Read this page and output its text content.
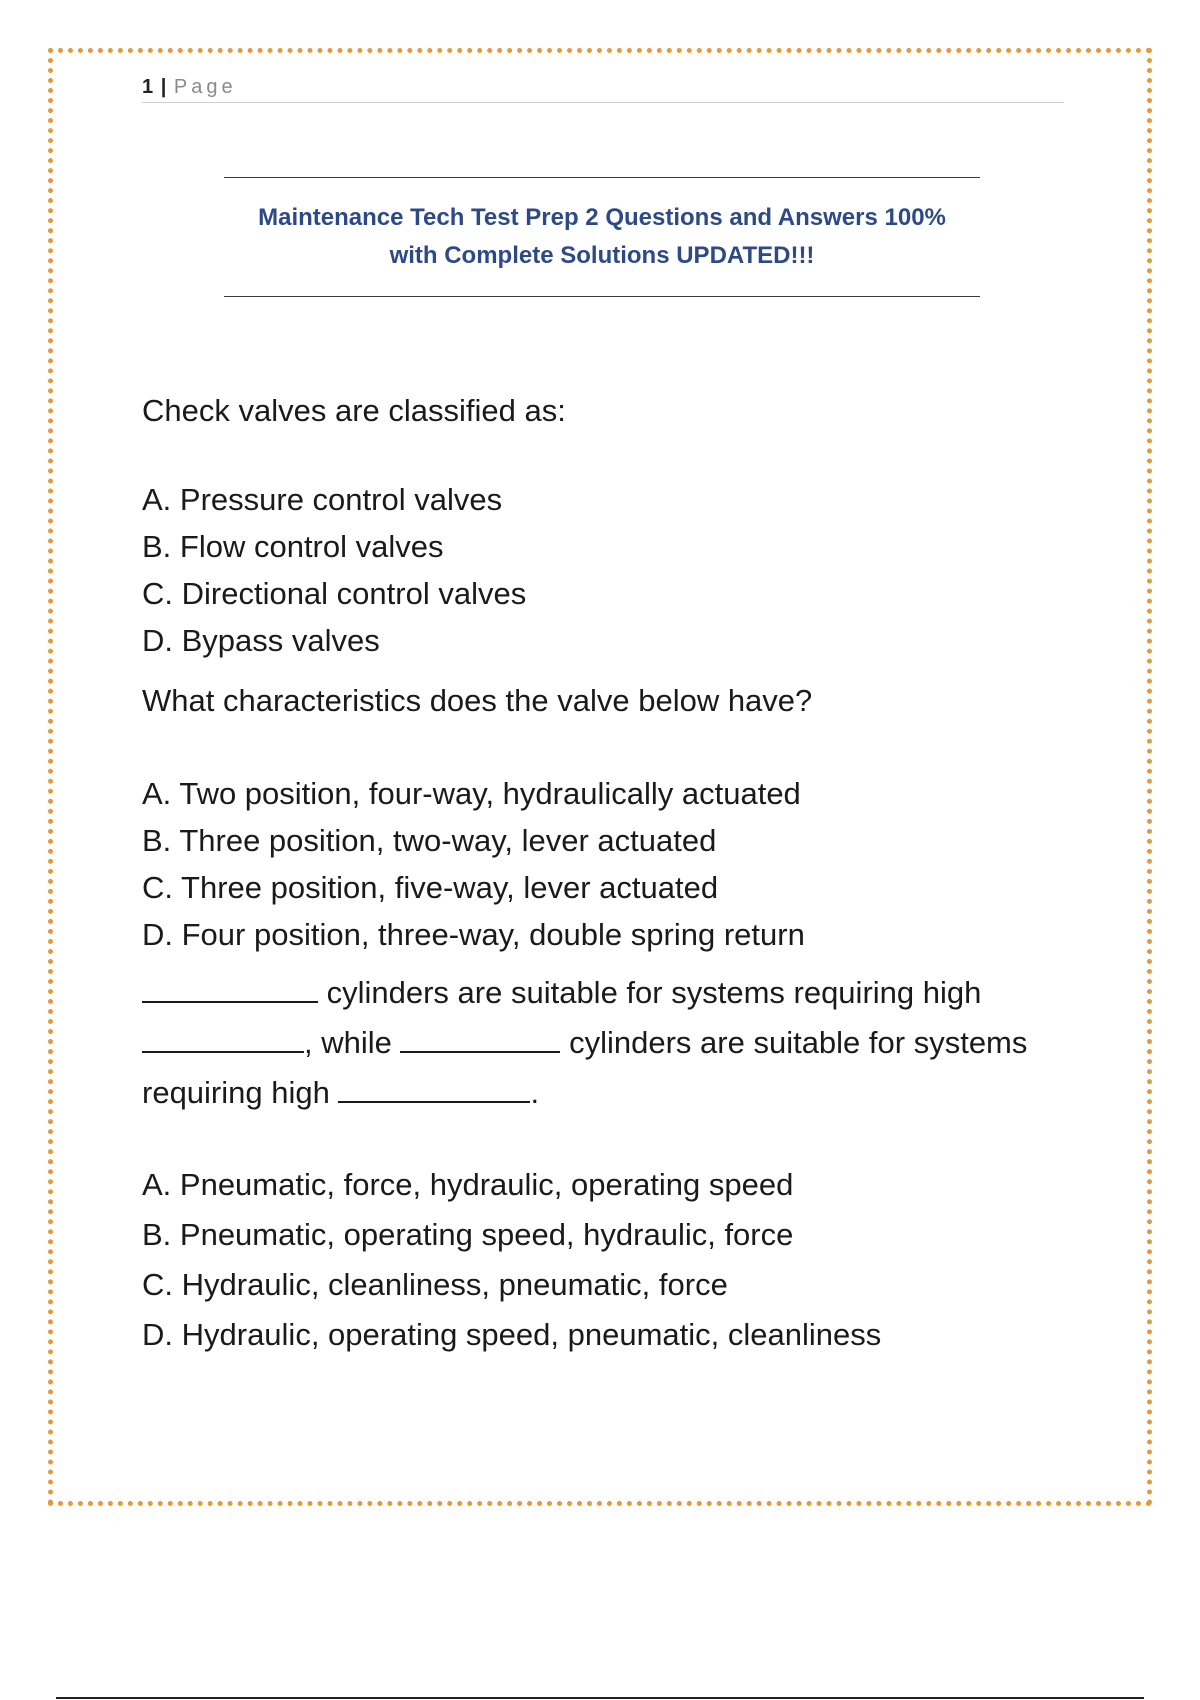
1 | Page
Maintenance Tech Test Prep 2 Questions and Answers 100%
with Complete Solutions UPDATED!!!
Check valves are classified as:
A. Pressure control valves
B. Flow control valves
C. Directional control valves
D. Bypass valves
What characteristics does the valve below have?
A. Two position, four-way, hydraulically actuated
B. Three position, two-way, lever actuated
C. Three position, five-way, lever actuated
D. Four position, three-way, double spring return
cylinders are suitable for systems requiring high
, while	cylinders are suitable for systems
requiring high	.
A. Pneumatic, force, hydraulic, operating speed
B. Pneumatic, operating speed, hydraulic, force
C. Hydraulic, cleanliness, pneumatic, force
D. Hydraulic, operating speed, pneumatic, cleanliness
